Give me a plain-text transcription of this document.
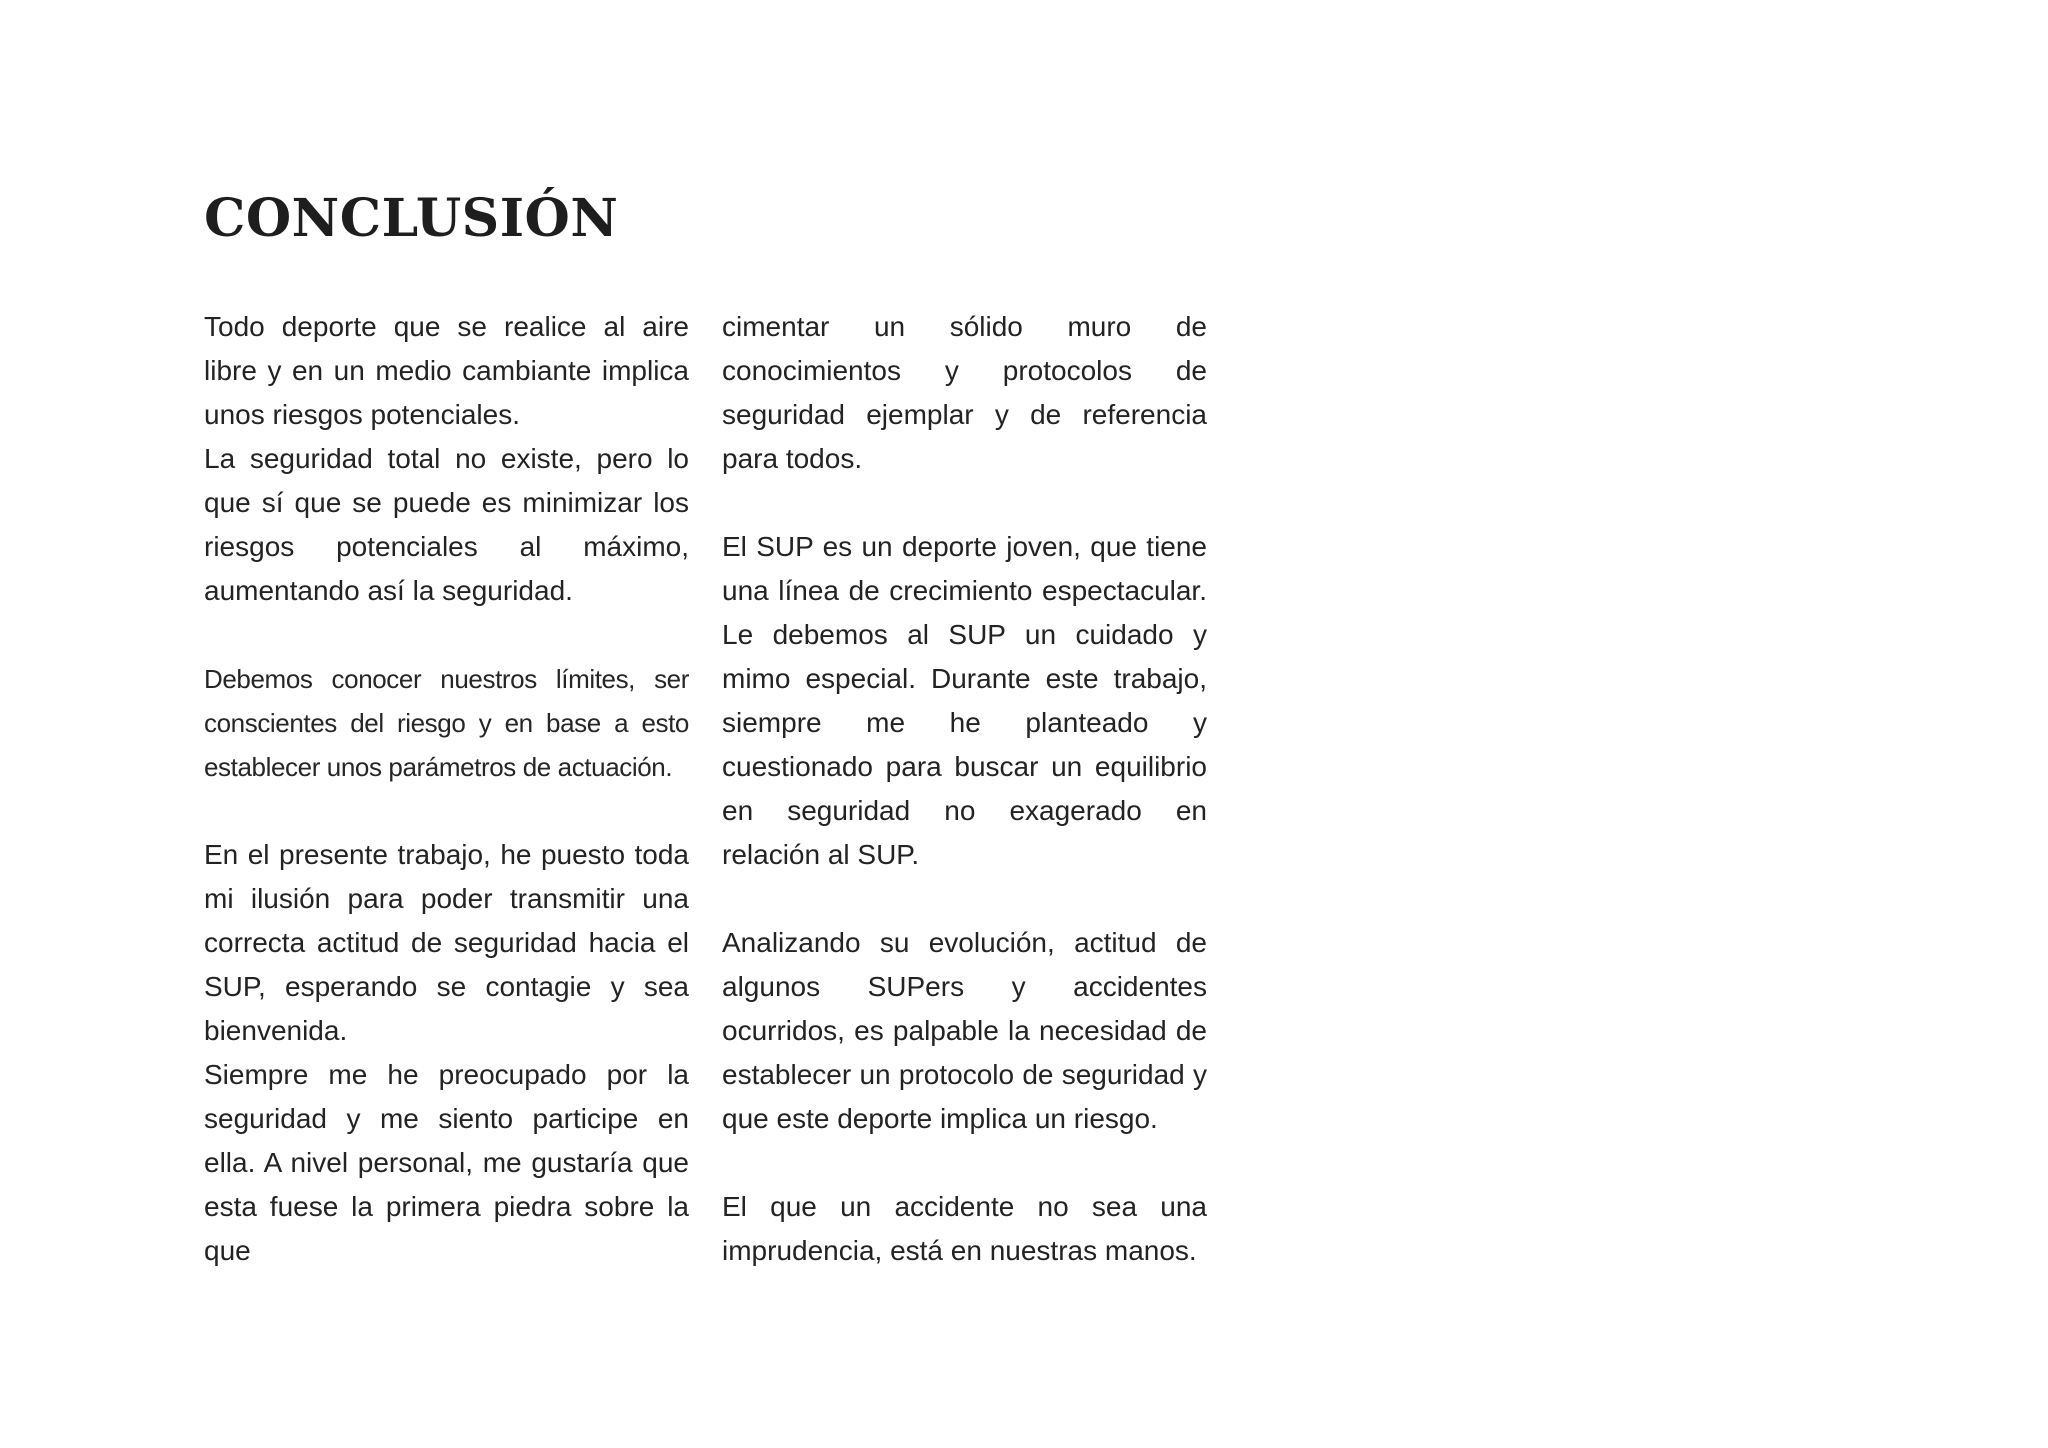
CONCLUSIÓN

Todo deporte que se realice al aire libre y en un medio cambiante implica unos riesgos potenciales.

La seguridad total no existe, pero lo que sí que se puede es minimizar los riesgos potenciales al máximo, aumentando así la seguridad.

Debemos conocer nuestros límites, ser conscientes del riesgo y en base a esto establecer unos parámetros de actuación.

En el presente trabajo, he puesto toda mi ilusión para poder transmitir una correcta actitud de seguridad hacia el SUP, esperando se contagie y sea bienvenida.

Siempre me he preocupado por la seguridad y me siento participe en ella. A nivel personal, me gustaría que esta fuese la primera piedra sobre la que

cimentar un sólido muro de conocimientos y protocolos de seguridad ejemplar y de referencia para todos.

El SUP es un deporte joven, que tiene una línea de crecimiento espectacular. Le debemos al SUP un cuidado y mimo especial. Durante este trabajo, siempre me he planteado y cuestionado para buscar un equilibrio en seguridad no exagerado en relación al SUP.

Analizando su evolución, actitud de algunos SUPers y accidentes ocurridos, es palpable la necesidad de establecer un protocolo de seguridad y que este deporte implica un riesgo.

El que un accidente no sea una imprudencia, está en nuestras manos.
